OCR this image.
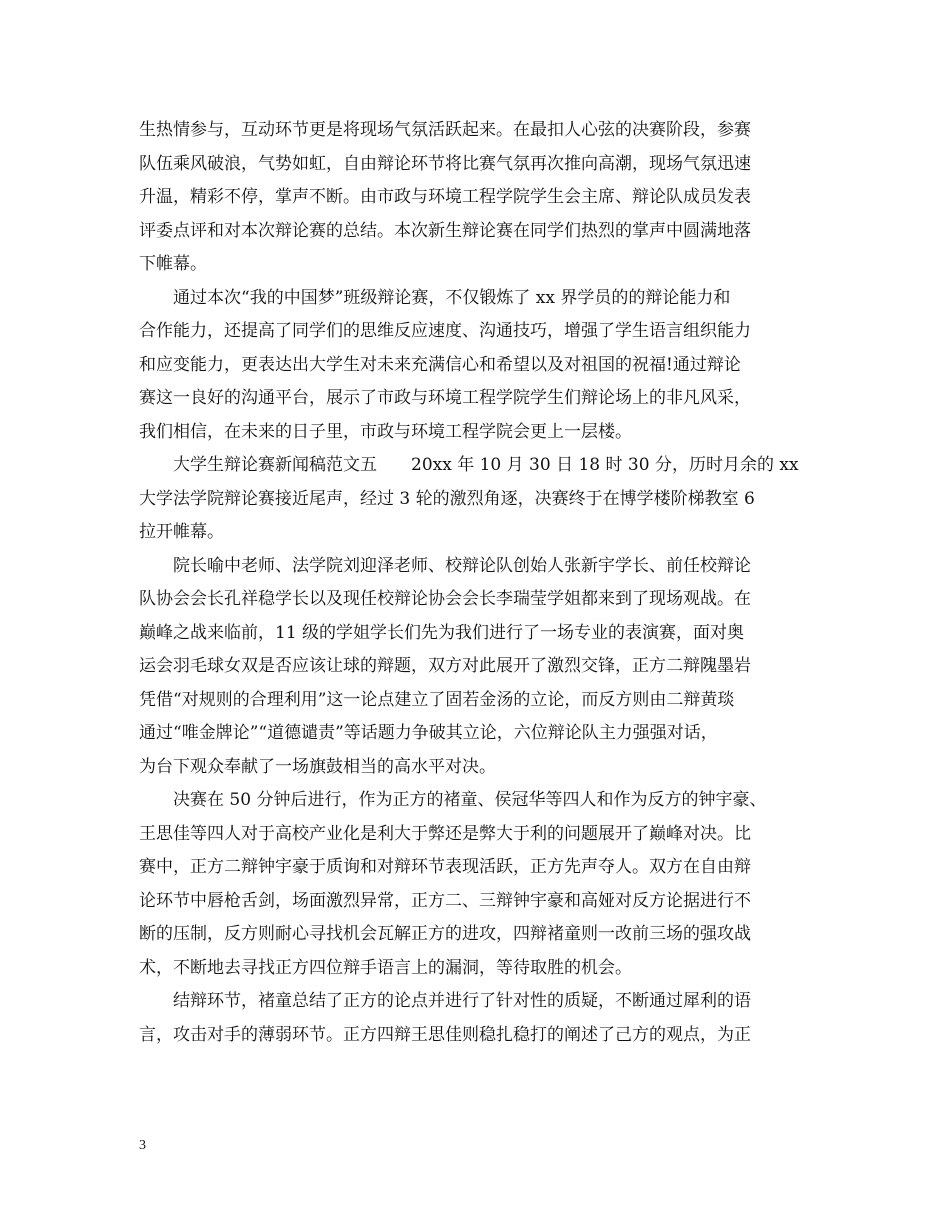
生热情参与，互动环节更是将现场气氛活跃起来。在最扣人心弦的决赛阶段，参赛
队伍乘风破浪，气势如虹，自由辩论环节将比赛气氛再次推向高潮，现场气氛迅速
升温，精彩不停，掌声不断。由市政与环境工程学院学生会主席、辩论队成员发表
评委点评和对本次辩论赛的总结。本次新生辩论赛在同学们热烈的掌声中圆满地落
下帷幕。
通过本次“我的中国梦”班级辩论赛，不仅锻炼了 xx 界学员的的辩论能力和
合作能力，还提高了同学们的思维反应速度、沟通技巧，增强了学生语言组织能力
和应变能力，更表达出大学生对未来充满信心和希望以及对祖国的祝福!通过辩论
赛这一良好的沟通平台，展示了市政与环境工程学院学生们辩论场上的非凡风采，
我们相信，在未来的日子里，市政与环境工程学院会更上一层楼。
大学生辩论赛新闻稿范文五　　20xx 年 10 月 30 日 18 时 30 分，历时月余的 xx
大学法学院辩论赛接近尾声，经过 3 轮的激烈角逐，决赛终于在博学楼阶梯教室 6
拉开帷幕。
院长喻中老师、法学院刘迎泽老师、校辩论队创始人张新宇学长、前任校辩论
队协会会长孔祥稳学长以及现任校辩论协会会长李瑞莹学姐都来到了现场观战。在
巅峰之战来临前，11 级的学姐学长们先为我们进行了一场专业的表演赛，面对奥
运会羽毛球女双是否应该让球的辩题，双方对此展开了激烈交锋，正方二辩隗墨岩
凭借“对规则的合理利用”这一论点建立了固若金汤的立论，而反方则由二辩黄琰
通过“唯金牌论”“道德谴责”等话题力争破其立论，六位辩论队主力强强对话，
为台下观众奉献了一场旗鼓相当的高水平对决。
决赛在 50 分钟后进行，作为正方的褚童、侯冠华等四人和作为反方的钟宇豪、
王思佳等四人对于高校产业化是利大于弊还是弊大于利的问题展开了巅峰对决。比
赛中，正方二辩钟宇豪于质询和对辩环节表现活跃，正方先声夺人。双方在自由辩
论环节中唇枪舌剑，场面激烈异常，正方二、三辩钟宇豪和高娅对反方论据进行不
断的压制，反方则耐心寻找机会瓦解正方的进攻，四辩褚童则一改前三场的强攻战
术，不断地去寻找正方四位辩手语言上的漏洞，等待取胜的机会。
结辩环节，褚童总结了正方的论点并进行了针对性的质疑，不断通过犀利的语
言，攻击对手的薄弱环节。正方四辩王思佳则稳扎稳打的阐述了己方的观点，为正
3
